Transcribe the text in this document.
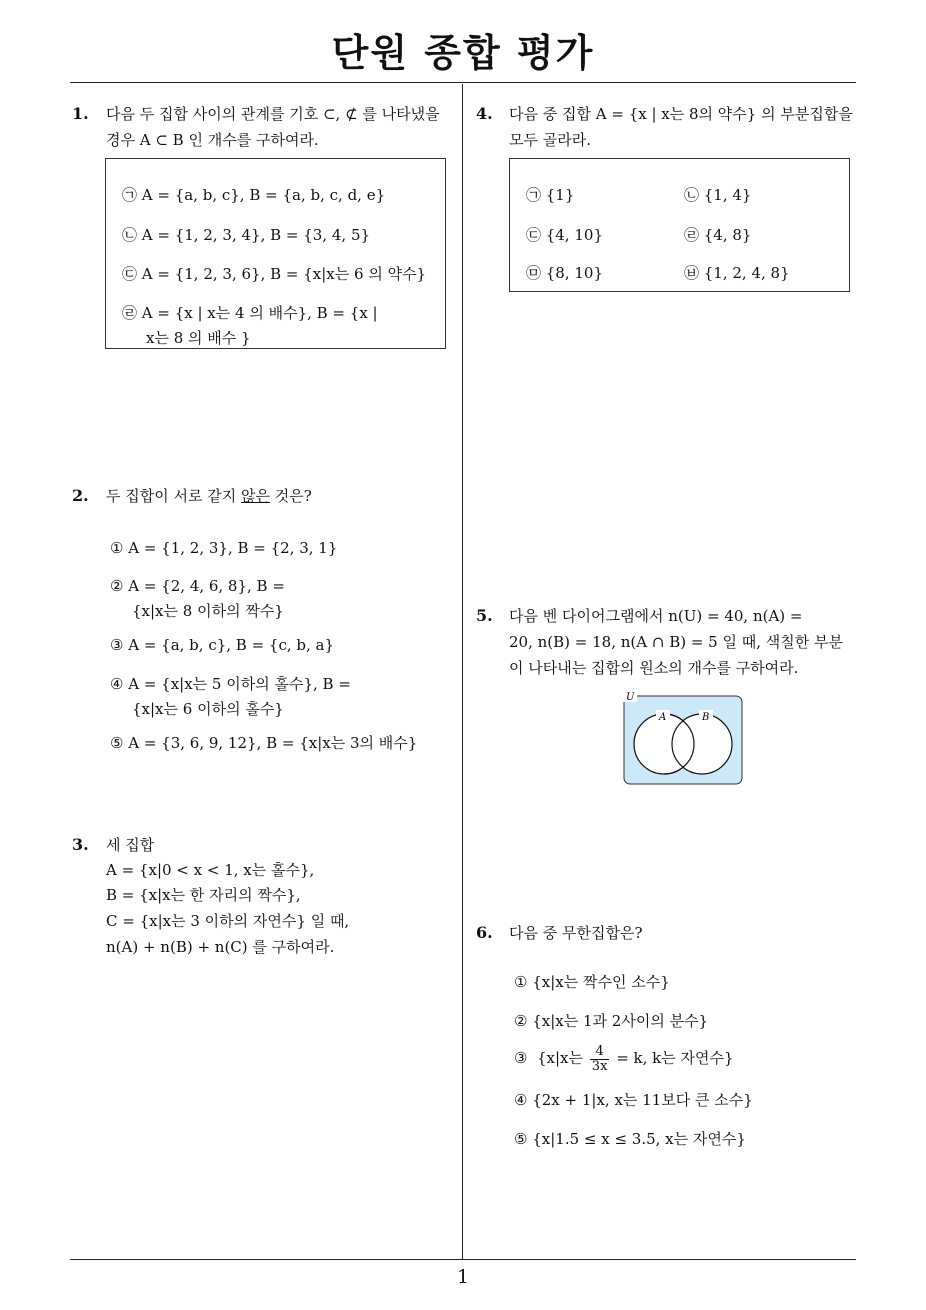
단원 종합 평가
1
1. 다음 두 집합 사이의 관계를 기호 ⊂, ⊄ 를 나타냈을
경우 A ⊂ B 인 개수를 구하여라.
㉠ A = {a, b, c}, B = {a, b, c, d, e}
㉡ A = {1, 2, 3, 4}, B = {3, 4, 5}
㉢ A = {1, 2, 3, 6}, B = {x|x는 6 의 약수}
㉣ A = {x | x는 4 의 배수}, B = {x |
x는 8 의 배수 }
2. 두 집합이 서로 같지 않은 것은?
① A = {1, 2, 3}, B = {2, 3, 1}
② A = {2, 4, 6, 8}, B =
{x|x는 8 이하의 짝수}
③ A = {a, b, c}, B = {c, b, a}
④ A = {x|x는 5 이하의 홀수}, B =
{x|x는 6 이하의 홀수}
⑤ A = {3, 6, 9, 12}, B = {x|x는 3의 배수}
3. 세 집합
A = {x|0 < x < 1, x는 홀수},
B = {x|x는 한 자리의 짝수},
C = {x|x는 3 이하의 자연수} 일 때,
n(A) + n(B) + n(C) 를 구하여라.
4. 다음 중 집합 A = {x | x는 8의 약수} 의 부분집합을
모두 골라라.
㉠ {1}	㉡ {1, 4}
㉢ {4, 10}	㉣ {4, 8}
㉤ {8, 10}	㉥ {1, 2, 4, 8}
5. 다음 벤 다이어그램에서 n(U) = 40, n(A) =
20, n(B) = 18, n(A ∩ B) = 5 일 때, 색칠한 부분
이 나타내는 집합의 원소의 개수를 구하여라.
U
A	B
6. 다음 중 무한집합은?
① {x|x는 짝수인 소수}
② {x|x는 1과 2사이의 분수}
③ {x|x는 $\frac{4}{3x} = k$, k는 자연수}
④ {2x + 1|x, x는 11보다 큰 소수}
⑤ {x|1.5 ≤ x ≤ 3.5, x는 자연수}
